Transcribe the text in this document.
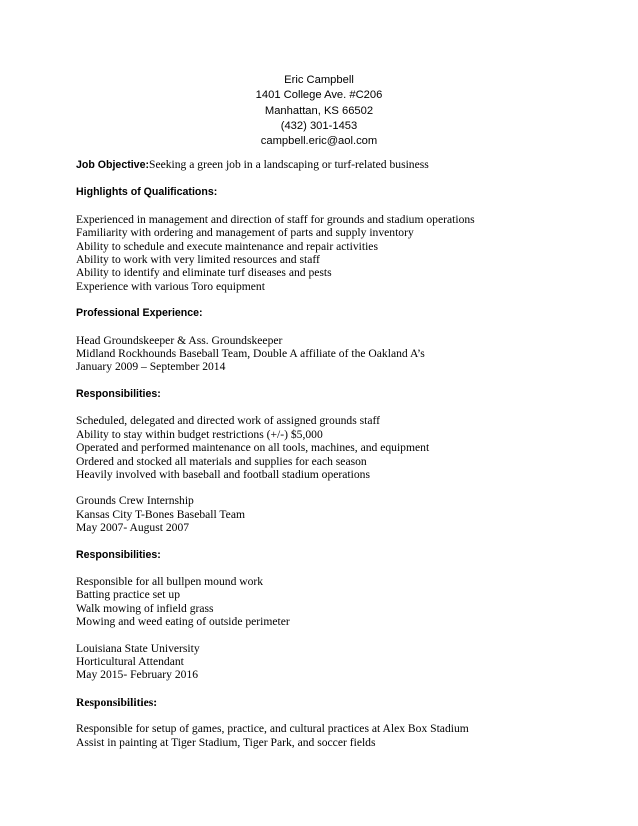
Eric Campbell
1401 College Ave. #C206
Manhattan, KS 66502
(432) 301-1453
campbell.eric@aol.com
Job Objective:Seeking a green job in a landscaping or turf-related business
Highlights of Qualifications:
Experienced in management and direction of staff for grounds and stadium operations
Familiarity with ordering and management of parts and supply inventory
Ability to schedule and execute maintenance and repair activities
Ability to work with very limited resources and staff
Ability to identify and eliminate turf diseases and pests
Experience with various Toro equipment
Professional Experience:
Head Groundskeeper & Ass. Groundskeeper
Midland Rockhounds Baseball Team, Double A affiliate of the Oakland A’s
January 2009 – September 2014
Responsibilities:
Scheduled, delegated and directed work of assigned grounds staff
Ability to stay within budget restrictions (+/-) $5,000
Operated and performed maintenance on all tools, machines, and equipment
Ordered and stocked all materials and supplies for each season
Heavily involved with baseball and football stadium operations
Grounds Crew Internship
Kansas City T-Bones Baseball Team
May 2007- August 2007
Responsibilities:
Responsible for all bullpen mound work
Batting practice set up
Walk mowing of infield grass
Mowing and weed eating of outside perimeter
Louisiana State University
Horticultural Attendant
May 2015- February 2016
Responsibilities:
Responsible for setup of games, practice, and cultural practices at Alex Box Stadium
Assist in painting at Tiger Stadium, Tiger Park, and soccer fields
